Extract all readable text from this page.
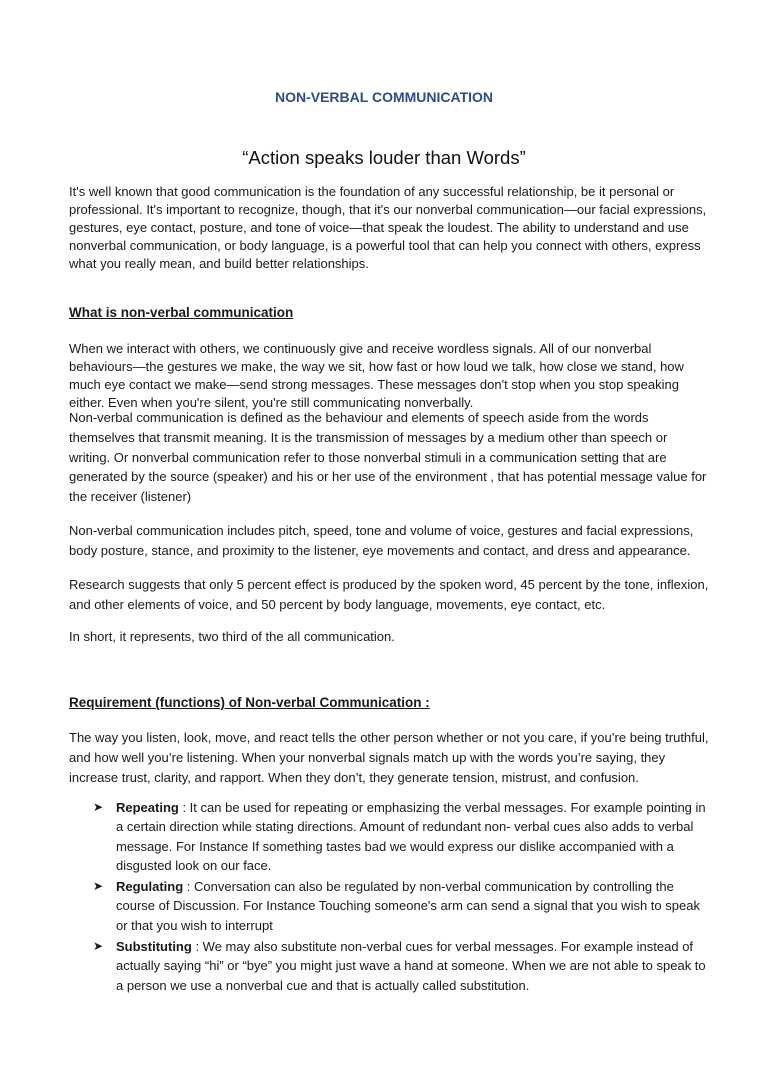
NON-VERBAL COMMUNICATION
“Action speaks louder than Words”

It's well known that good communication is the foundation of any successful relationship, be it personal or professional. It's important to recognize, though, that it's our nonverbal communication—our facial expressions, gestures, eye contact, posture, and tone of voice—that speak the loudest. The ability to understand and use nonverbal communication, or body language, is a powerful tool that can help you connect with others, express what you really mean, and build better relationships.

What is non-verbal communication

When we interact with others, we continuously give and receive wordless signals. All of our nonverbal behaviours—the gestures we make, the way we sit, how fast or how loud we talk, how close we stand, how much eye contact we make—send strong messages. These messages don't stop when you stop speaking either. Even when you're silent, you're still communicating nonverbally.

Non-verbal communication is defined as the behaviour and elements of speech aside from the words themselves that transmit meaning. It is the transmission of messages by a medium other than speech or writing. Or nonverbal communication refer to those nonverbal stimuli in a communication setting that are generated by the source (speaker) and his or her use of the environment , that has potential message value for the receiver (listener)

Non-verbal communication includes pitch, speed, tone and volume of voice, gestures and facial expressions, body posture, stance, and proximity to the listener, eye movements and contact, and dress and appearance.

Research suggests that only 5 percent effect is produced by the spoken word, 45 percent by the tone, inflexion, and other elements of voice, and 50 percent by body language, movements, eye contact, etc.

In short, it represents, two third of the all communication.

Requirement (functions) of Non-verbal Communication :

The way you listen, look, move, and react tells the other person whether or not you care, if you’re being truthful, and how well you’re listening. When your nonverbal signals match up with the words you’re saying, they increase trust, clarity, and rapport. When they don’t, they generate tension, mistrust, and confusion.

➤ Repeating : It can be used for repeating or emphasizing the verbal messages. For example pointing in a certain direction while stating directions. Amount of redundant non- verbal cues also adds to verbal message. For Instance If something tastes bad we would express our dislike accompanied with a disgusted look on our face.
➤ Regulating : Conversation can also be regulated by non-verbal communication by controlling the course of Discussion. For Instance Touching someone's arm can send a signal that you wish to speak or that you wish to interrupt
➤ Substituting : We may also substitute non-verbal cues for verbal messages. For example instead of actually saying “hi” or “bye” you might just wave a hand at someone. When we are not able to speak to a person we use a nonverbal cue and that is actually called substitution.
